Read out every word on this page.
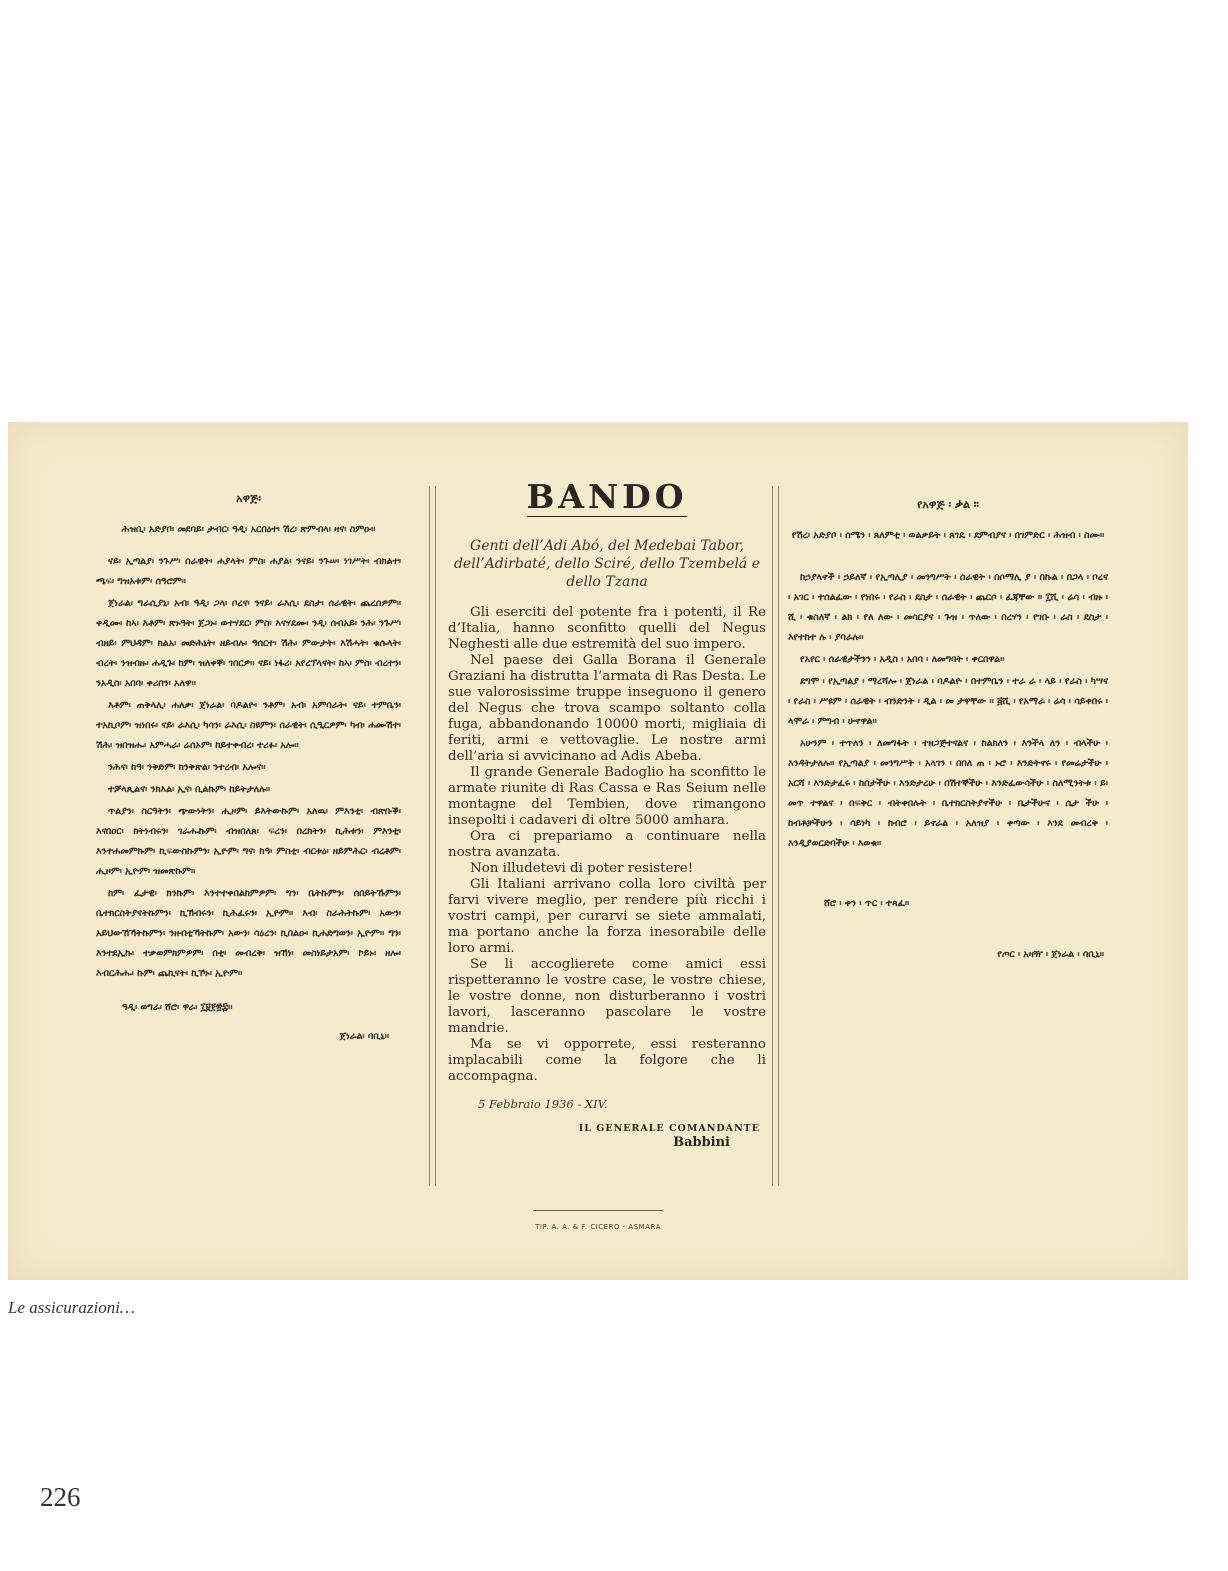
አዋጅ፡

ሕዝቢ፡ አድያቦ፡ መደባይ፡ ታብር፡ ዓዲ፡ አርበዕተ፡ ሽረ፡ ጽምብላ፡ ዛና፡ ስምዑ።

ናይ፡ ኢጣልያ፡ ንጉሥ፡ ሰራዊት፡ ሐያላት፡ ምስ፡ ሐያል፡ ንናይ፡ ንጉሠ፡ ነገሥት፡ ብክልተ፡ ጫፍ፡ ግዝአቱም፡ ሰዓሮም።

ጀነራል፡ ግራሲያኒ፡ አብ፡ ዓዲ፡ ጋላ፡ ቦረና፡ ንናይ፡ ራእሲ፡ ደስታ፡ ሰራዊት፡ ጨረሰዎም። ቀዲሙ፡ ከኣ፡ እቶም፡ ጽኑዓት፡ ጀጋኑ፡ ወተሃደር፡ ምስ፡ እናሃደሙ፡ ንዲ፡ ሰብአይ፡ ንሕ፡ ንጉሥ፡ ብዘይ፡ ምህዳም፡ ክልአ፡ መድሕኒት፡ ዘይብሉ፡ ዓሰርተ፡ ሽሕ፡ ምውታት፡ እሽሓት፡ ቁሱላት፡ብረት፡ ንዝብዙ፡ ሐዲጉ፡ ከም፡ ዝለቀቐ፡ ገበርዎ። ናይ፡ ነፋሪ፡ አየረፕላናት፡ ከኣ፡ ምስ፡ ብረተን፡ ንአዲስ፡ አበባ፡ ቀሪበን፡ አለዋ።

እቶም፡ ጠቅላሊ፡ ሐለቃ፡ ጀነራል፡ ባዶልዮ፡ ንቶም፡ አብ፡ አምባራት፡ ናይ፡ ተምቤን፡ ተአኪቦም፡ ዝነበሩ፡ ናይ፡ ራእሲ፡ ካሳን፡ ራእሲ፡ ስዩምን፡ ሰራዊት፡ ሲዒርዎም፡ ካብ፡ ሐሙሽተ፡ ሽሕ፡ ዝበዝሑ፡ አምሓራ፡ ሬሰኦም፡ ከይተቀብረ፡ ተሪፉ፡ አሎ።

ንሕና፡ ከዓ፡ ንቅድም፡ ክንቅጽል፡ ንተረብ፡ አሎና።

ተቓላጺልና፡ ንክእል፡ ኢና፡ ቢልኩም፡ ከይትታለሉ።

ጥልያን፡ ስርዓትን፡ ጭውነትን፡ ሒዞም፡ ይእትውኩም፡ አለዉ፡ ምእንቲ፡ ብጽቡቕ፡ እናበዐር፡ ክትነብሩን፡ ገራሑኩም፡ ብዝበለጸ፡ ፍረን፡ በረክትን፡ ኪሕቱን፡ ምእንቲ፡ እንተሐመምኩም፡ ኪፍውስኩምን፡ ኢዮም፡ ግና፡ ከዓ፡ ምስቲ፡ ብርቱዕ፡ ዘይምሕር፡ ብረቶም፡ ሒዞም፡ ኢዮም፡ ዝመጽኩም።

ከም፡ ፈታዊ፡ ክንኩም፡ እንተተቀበልክምዎም፡ ግን፡ ቤትኩምን፡ ሰበይትኹምን፡ ቤተክርስትያናትኩምን፡ ኪኽብሩን፡ ኪሕፈሩን፡ ኢዮም። እብ፡ ስራሕትኩም፡ አውን፡ አይህውኸኻትኩምን፡ ንዘብቲኻትኩም፡ አውን፡ ሳዕረን፡ ኪበልዑ፡ ኪሐድግወን፡ ኢዮም። ግን፡ እንተደኢኩ፡ ተቃወምክምዎም፡ በቲ፡ መብረቅ፡ ዝኸነ፡ መስነይታአም፡ ኮይኑ፡ ዘሎ፡ እብርሕሑ፡ ኩም፡ ጨኪናት፡ ኪኾኑ፡ ኢዮም።

ዓዲ፡ ወግራ፡ ሸሮ፡ ዋራ፡ ፲፱፻፳፰።

ጀነራል፡ ባቢኒ።

BANDO

Genti dell’Adi Abó, del Medebai Tabor, dell’Adirbaté, dello Sciré, dello Tzembelá e dello Tzana

Gli eserciti del potente fra i potenti, il Re d’Italia, hanno sconfitto quelli del Negus Neghesti alle due estremità del suo impero.

Nel paese dei Galla Borana il Generale Graziani ha distrutta l’armata di Ras Desta. Le sue valorosissime truppe inseguono il genero del Negus che trova scampo soltanto colla fuga, abbandonando 10000 morti, migliaia di feriti, armi e vettovaglie. Le nostre armi dell’aria si avvicinano ad Adis Abeba.

Il grande Generale Badoglio ha sconfitto le armate riunite di Ras Cassa e Ras Seium nelle montagne del Tembien, dove rimangono insepolti i cadaveri di oltre 5000 amhara.

Ora ci prepariamo a continuare nella nostra avanzata.

Non illudetevi di poter resistere!

Gli Italiani arrivano colla loro civiltà per farvi vivere meglio, per rendere più ricchi i vostri campi, per curarvi se siete ammalati, ma portano anche la forza inesorabile delle loro armi.

Se li accoglierete come amici essi rispetteranno le vostre case, le vostre chiese, le vostre donne, non disturberanno i vostri lavori, lasceranno pascolare le vostre mandrie.

Ma se vi opporrete, essi resteranno implacabili come la folgore che li accompagna.

5 Febbraio 1936 - XIV.

IL GENERALE COMANDANTE
Babbini

የአዋጅ ፡ ቃል ።

የሽረ፡ አድያቦ ፡ ሰሜን ፡ ጸለምቲ ፡ ወልቃይት ፡ ጸገዴ ፡ ደምብያና ፡ በገምድር ፡ ሕዝብ ፡ ስሙ።

ከኃያላኖች ፡ ኃይለኛ ፡ የኢጣሊያ ፡ መንግሥት ፡ ሰራዊት ፡ በሶማሊ ያ ፡ በኩል ፡ በጋላ ፡ ቦረና ፡ አገር ፡ ተሰልፈው ፡ የነበሩ ፡ የራስ ፡ ደስታ ፡ ሰራዊት ፡ ጨርሶ ፡ ፈጃቸው ። ፲ሺ ፡ ሬሳ ፡ ብዙ ፡ ሺ ፡ ቁስለኛ ፡ ልክ ፡ የለ ለው ፡ መሳርያና ፡ ጉዝ ፡ ጥለው ፡ በረሃን ፡ የገቡ ፡ ራስ ፡ ደስታ ፡ እየተከተ ሉ ፡ ያባራሉ።

የአየር ፡ ሰራዊታችንን ፡ አዲስ ፡ አበባ ፡ ለመግባት ፡ ቀርበዋል።

ደግሞ ፡ የኢጣልያ ፡ ማረሻሎ ፡ ጀነራል ፡ ባዶልዮ ፡ በተምቤን ፡ ተራ ራ ፡ ላይ ፡ የራስ ፡ ካሣና ፡ የራስ ፡ ሥዩም ፡ ሰራዊት ፡ ብንድንት ፡ ዲል ፡ መ ታዋቸው ። ፭ሺ ፡ የአማራ ፡ ሬሳ ፡ ሳይቀበሩ ፡ ላሞራ ፡ ምግብ ፡ ሁኖዋል።

አሁንም ፡ ተጥለን ፡ ለመግፋት ፡ ተዘጋጅተናልና ፡ ከልክለን ፡ እንችላ ለን ፡ ብላችሁ ፡ እንዳትታለሉ። የኢጣልያ ፡ መንግሥት ፡ አላገን ፡ በበለ ጠ ፡ ኑሮ ፡ እንድትኖሩ ፡ የመሬታችሁ ፡ አርሻ ፡ እንድታፈሩ ፡ ከበታችሁ ፡ እንድታረሁ ፡ በሽተኞችሁ ፡ እንድፈውሳችሁ ፡ ስለሚንትቱ ፡ ይ፡ መጥ ተዋልና ፡ በፍቅር ፡ ብትቀበሉት ፡ ቤተክርስትያኖችሁ ፡ ቤታችሁና ፡ ሴታ ችሁ ፡ ከብቶቻችሁን ፡ ሳይነካ ፡ ከብሮ ፡ ይኖራል ፡ አለዝያ ፡ ቀጣው ፡ እንደ መብረቅ ፡ እንዲያወርድባችሁ ፡ እወቁ።

ሸሮ ፡ ቀን ፡ ጥር ፡ ተጻፈ።

የጦር ፡ አዛዥ ፡ ጀነራል ፡ ባቢኒ።

TIP. A. A. & F. CICERO - ASMARA

Le assicurazioni…

226
